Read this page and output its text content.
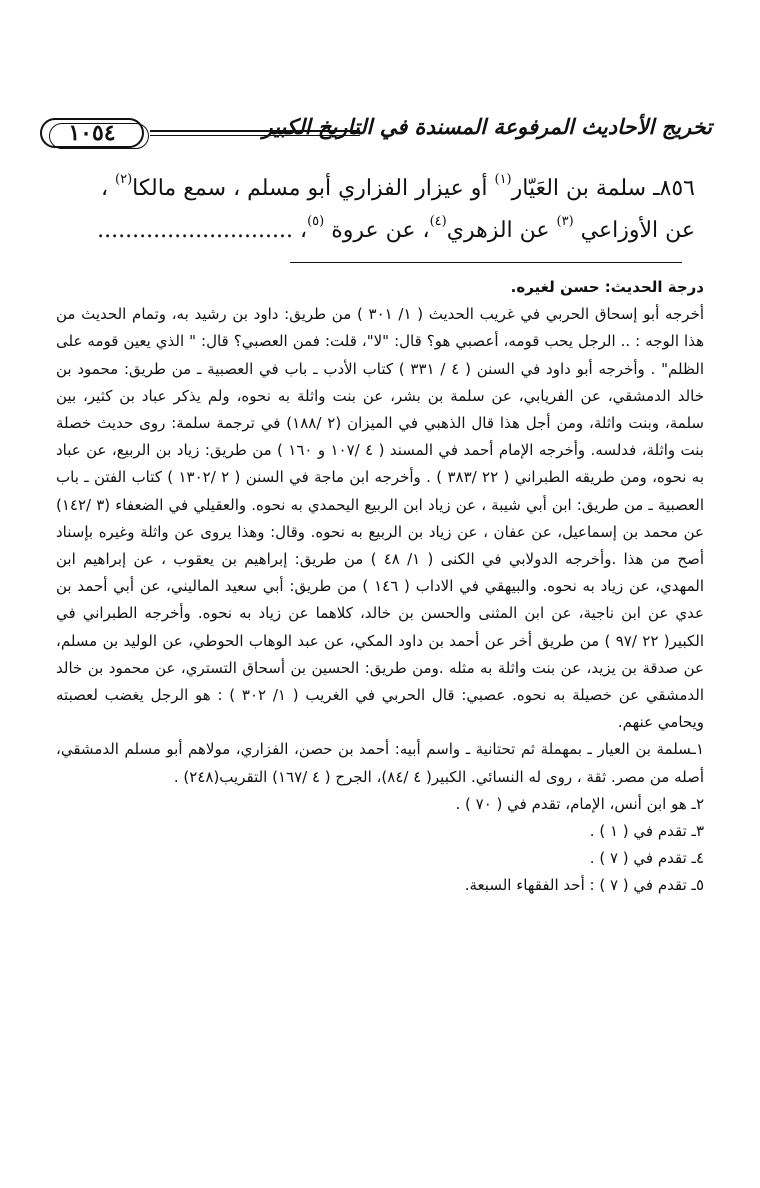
١٠٥٤	تخريج الأحاديث المرفوعة المسندة في التاريخ الكبير
٨٥٦ـ سلمة بن العَيّار$^{(١)}$ أو عيزار الفزاري أبو مسلم ، سمع مالكا$^{(٢)}$ ،
عن الأوزاعي $^{(٣)}$ عن الزهري$^{(٤)}$، عن عروة $^{(٥)}$، ............................

درجة الحديث: حسن لغيره.

أخرجه أبو إسحاق الحربي في غريب الحديث ( ١/ ٣٠١ ) من طريق: داود بن رشيد به، وتمام الحديث من هذا الوجه : .. الرجل يحب قومه، أعصبي هو؟ قال: "لا"، قلت: فمن العصبي؟ قال: " الذي يعين قومه على الظلم" . وأخرجه أبو داود في السنن ( ٤ / ٣٣١ ) كتاب الأدب ـ باب في العصبية ـ من طريق: محمود بن خالد الدمشقي، عن الفريابي، عن سلمة بن بشر، عن بنت واثلة به نحوه، ولم يذكر عباد بن كثير، بين سلمة، وبنت واثلة، ومن أجل هذا قال الذهبي في الميزان (٢ /١٨٨) في ترجمة سلمة: روى حديث خصلة بنت واثلة، فدلسه. وأخرجه الإمام أحمد في المسند ( ٤ /١٠٧ و ١٦٠ ) من طريق: زياد بن الربيع، عن عباد به نحوه، ومن طريقه الطبراني ( ٢٢ /٣٨٣ ) . وأخرجه ابن ماجة في السنن ( ٢ /١٣٠٢ ) كتاب الفتن ـ باب العصبية ـ من طريق: ابن أبي شيبة ، عن زياد ابن الربيع اليحمدي به نحوه. والعقيلي في الضعفاء (٣ /١٤٢) عن محمد بن إسماعيل، عن عفان ، عن زياد بن الربيع به نحوه. وقال: وهذا يروى عن واثلة وغيره بإسناد أصح من هذا .وأخرجه الدولابي في الكنى ( ١/ ٤٨ ) من طريق: إبراهيم بن يعقوب ، عن إبراهيم ابن المهدي، عن زياد به نحوه. والبيهقي في الاداب ( ١٤٦ ) من طريق: أبي سعيد الماليني، عن أبي أحمد بن عدي عن ابن ناجية، عن ابن المثنى والحسن بن خالد، كلاهما عن زياد به نحوه. وأخرجه الطبراني في الكبير( ٢٢ /٩٧ ) من طريق أخر عن أحمد بن داود المكي، عن عبد الوهاب الحوطي، عن الوليد بن مسلم، عن صدقة بن يزيد، عن بنت واثلة به مثله .ومن طريق: الحسين بن أسحاق التستري، عن محمود بن خالد الدمشقي عن خصيلة به نحوه. عصبي: قال الحربي في الغريب ( ١/ ٣٠٢ ) : هو الرجل يغضب لعصبته ويحامي عنهم.

١ـسلمة بن العيار ـ بمهملة ثم تحتانية ـ واسم أبيه: أحمد بن حصن، الفزاري، مولاهم أبو مسلم الدمشقي، أصله من مصر. ثقة ، روى له النسائي. الكبير( ٤ /٨٤)، الجرح ( ٤ /١٦٧) التقريب(٢٤٨) .

٢ـ هو ابن أنس، الإمام، تقدم في ( ٧٠ ) .

٣ـ تقدم في ( ١ ) .

٤ـ تقدم في ( ٧ ) .

٥ـ تقدم في ( ٧ ) : أحد الفقهاء السبعة.
